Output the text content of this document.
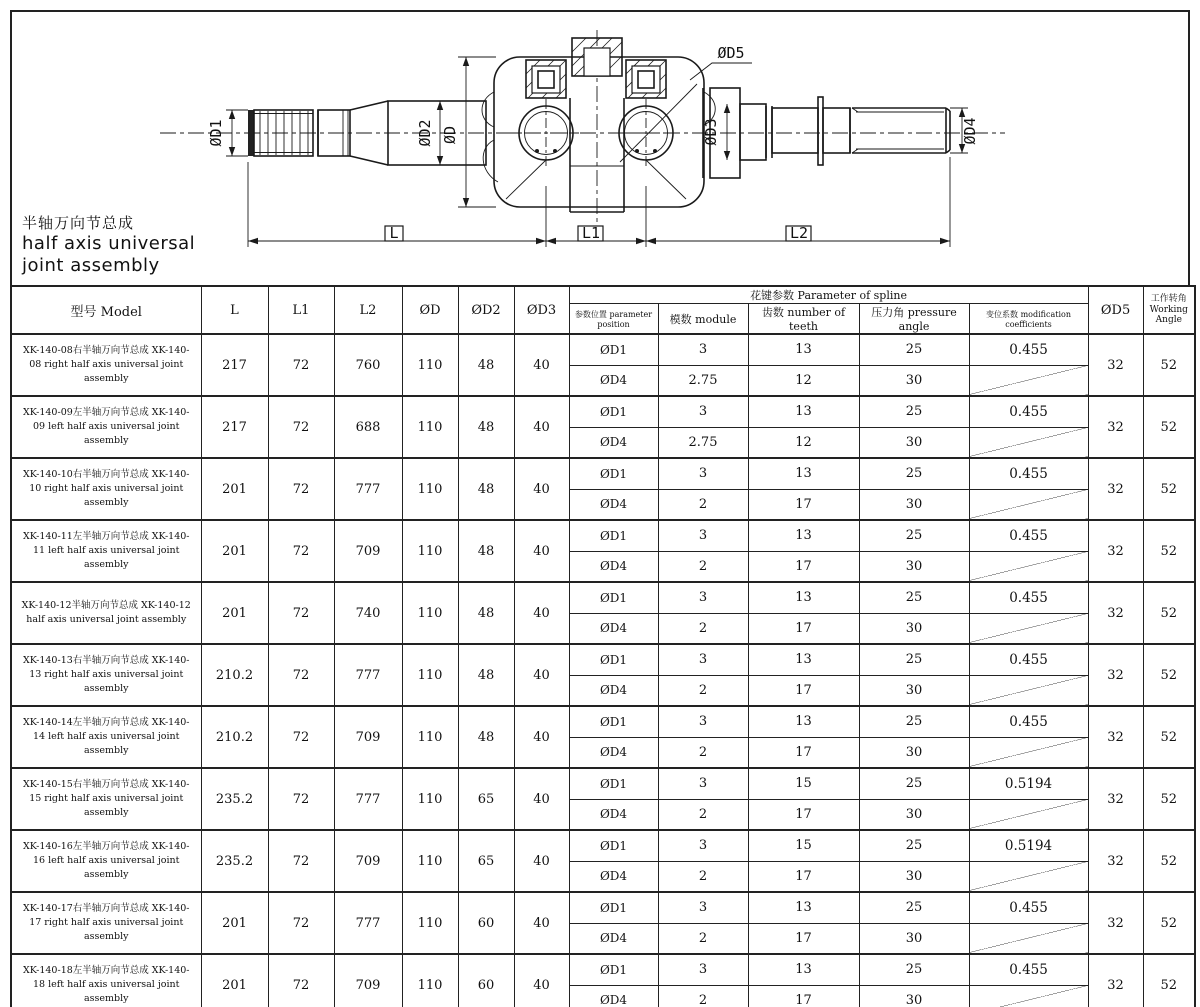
ØD1	ØD2 ØD
ØD5
ØD3	ØD4
L	L1	L2
半轴万向节总成
half axis universal
joint assembly
型号 Model	L	L1	L2	ØD	ØD2	ØD3	花键参数 Parameter of spline					ØD5	工作转角 Working Angle
							参数位置 parameter position	模数 module	齿数 number of teeth	压力角 pressure angle	变位系数 modification coefficients		
XK-140-08右半轴万向节总成 XK-140-08 right half axis universal joint assembly	217	72	760	110	48	40	ØD1	3	13	25	0.455	32	52
							ØD4	2.75	12	30			
XK-140-09左半轴万向节总成 XK-140-09 left half axis universal joint assembly	217	72	688	110	48	40	ØD1	3	13	25	0.455	32	52
							ØD4	2.75	12	30			
XK-140-10右半轴万向节总成 XK-140-10 right half axis universal joint assembly	201	72	777	110	48	40	ØD1	3	13	25	0.455	32	52
							ØD4	2	17	30			
XK-140-11左半轴万向节总成 XK-140-11 left half axis universal joint assembly	201	72	709	110	48	40	ØD1	3	13	25	0.455	32	52
							ØD4	2	17	30			
XK-140-12半轴万向节总成 XK-140-12 half axis universal joint assembly	201	72	740	110	48	40	ØD1	3	13	25	0.455	32	52
							ØD4	2	17	30			
XK-140-13右半轴万向节总成 XK-140-13 right half axis universal joint assembly	210.2	72	777	110	48	40	ØD1	3	13	25	0.455	32	52
							ØD4	2	17	30			
XK-140-14左半轴万向节总成 XK-140-14 left half axis universal joint assembly	210.2	72	709	110	48	40	ØD1	3	13	25	0.455	32	52
							ØD4	2	17	30			
XK-140-15右半轴万向节总成 XK-140-15 right half axis universal joint assembly	235.2	72	777	110	65	40	ØD1	3	15	25	0.5194	32	52
							ØD4	2	17	30			
XK-140-16左半轴万向节总成 XK-140-16 left half axis universal joint assembly	235.2	72	709	110	65	40	ØD1	3	15	25	0.5194	32	52
							ØD4	2	17	30			
XK-140-17右半轴万向节总成 XK-140-17 right half axis universal joint assembly	201	72	777	110	60	40	ØD1	3	13	25	0.455	32	52
							ØD4	2	17	30			
XK-140-18左半轴万向节总成 XK-140-18 left half axis universal joint assembly	201	72	709	110	60	40	ØD1	3	13	25	0.455	32	52
							ØD4	2	17	30			
